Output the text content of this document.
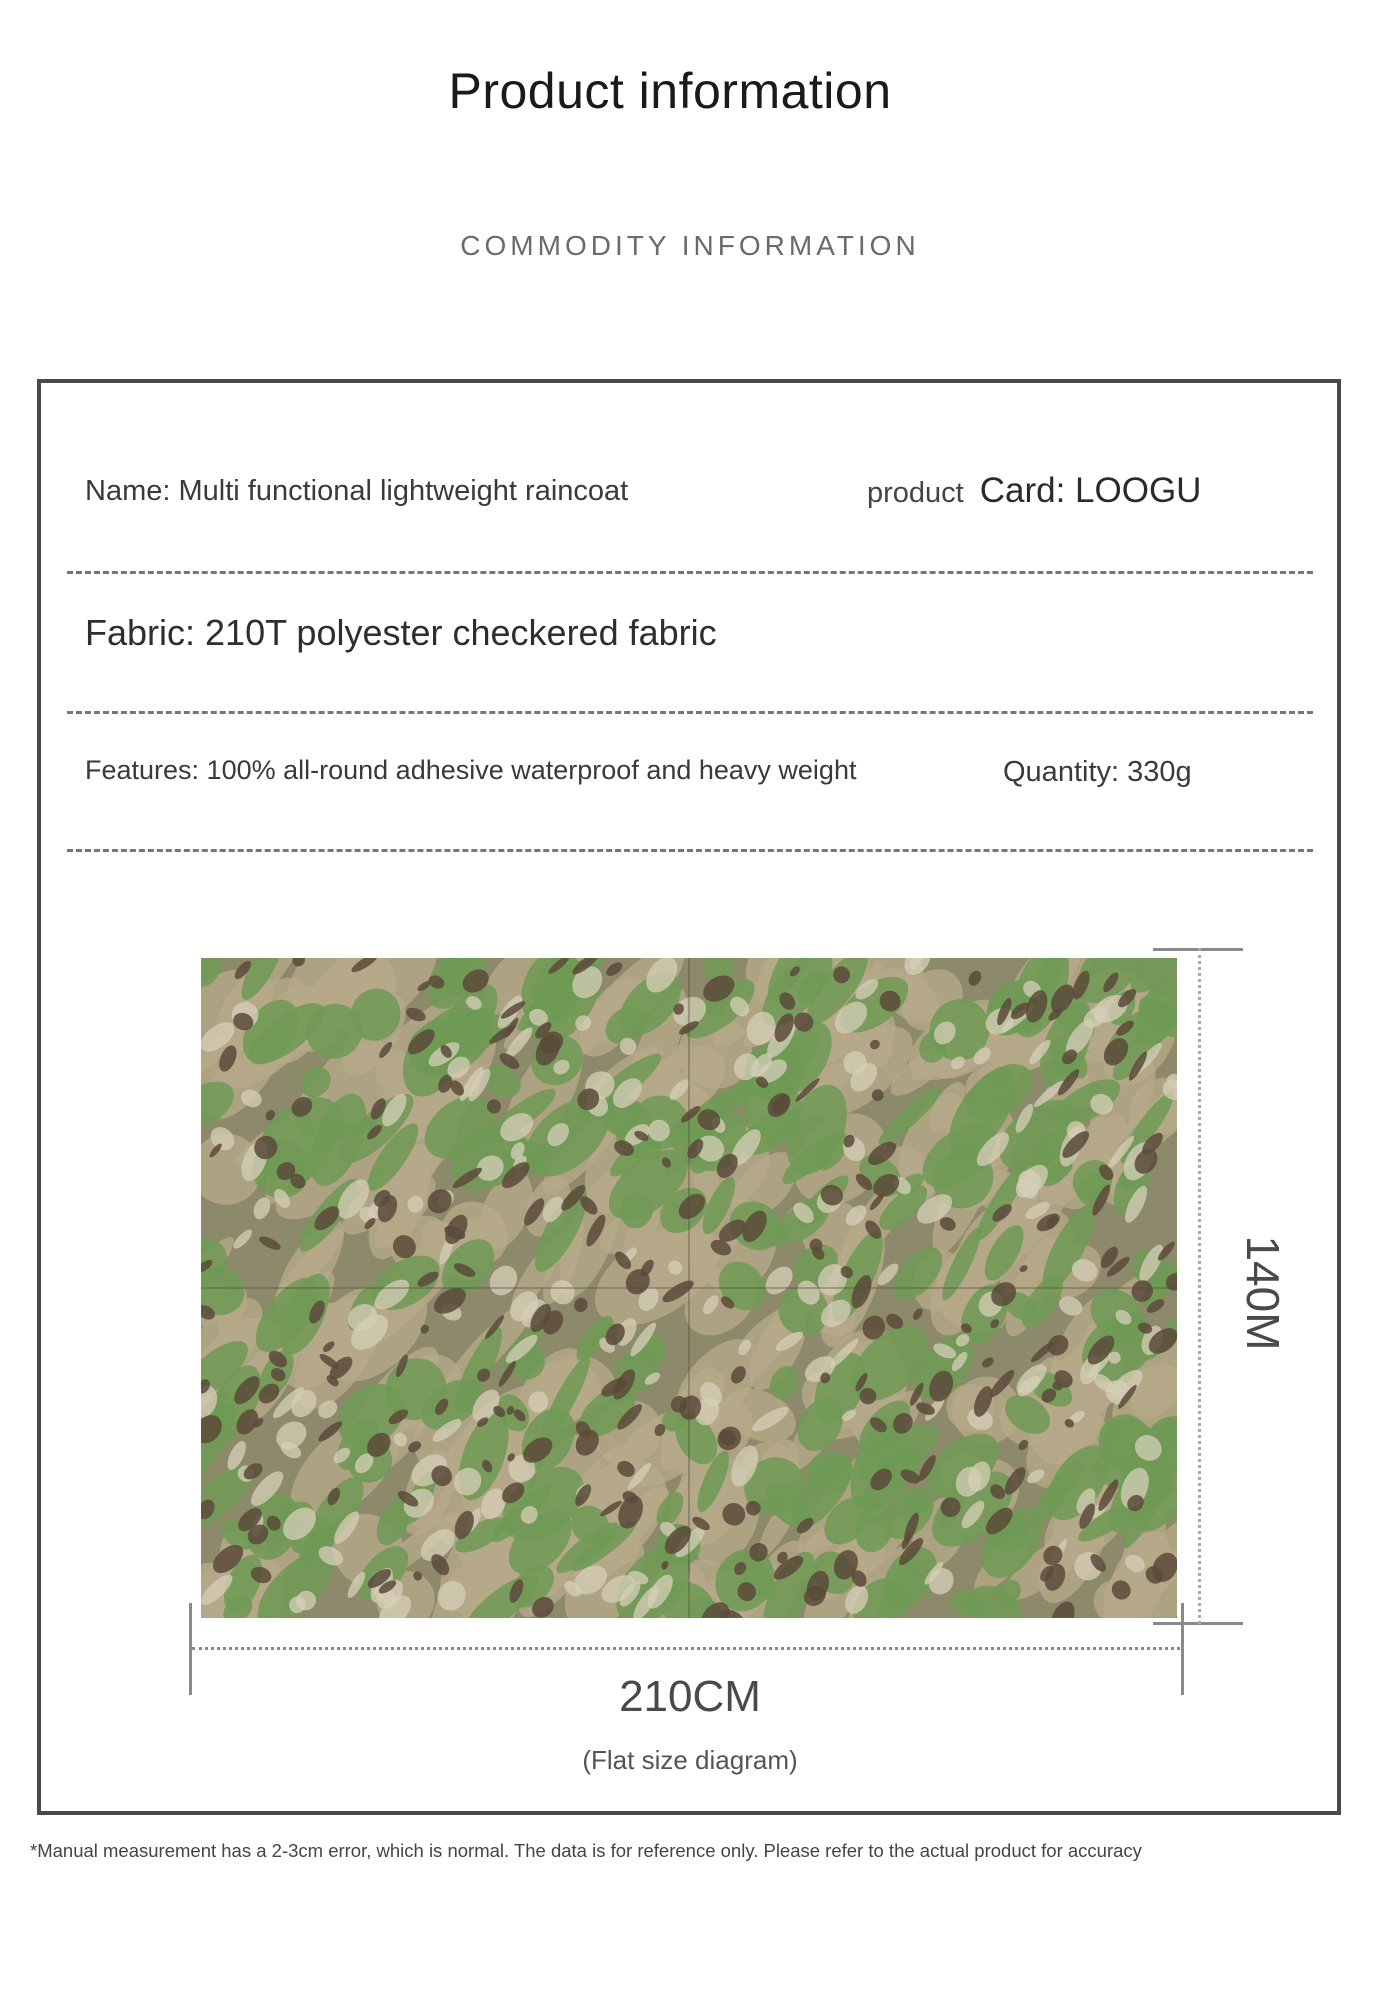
Product information
COMMODITY INFORMATION
Name: Multi functional lightweight raincoat	product Card: LOOGU
Fabric: 210T polyester checkered fabric
Features: 100% all-round adhesive waterproof and heavy weight	Quantity: 330g
140M
210CM
(Flat size diagram)
*Manual measurement has a 2-3cm error, which is normal. The data is for reference only. Please refer to the actual product for accuracy
